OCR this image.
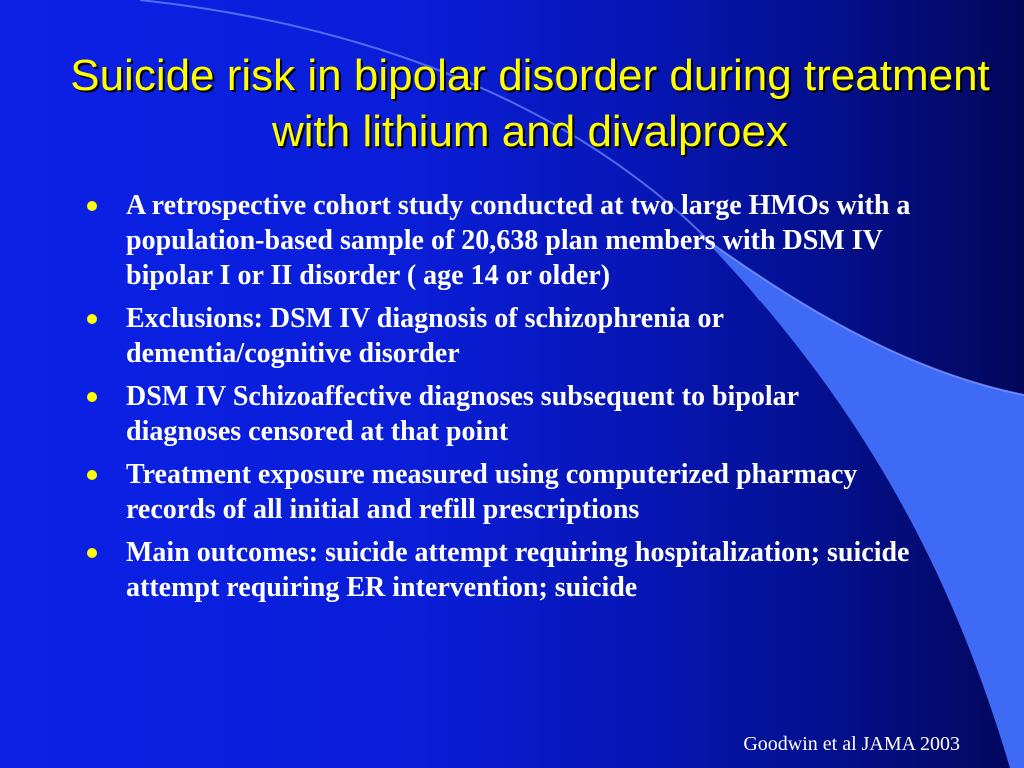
Suicide risk in bipolar disorder during treatment with lithium and divalproex
A retrospective cohort study conducted at two large HMOs with a population-based sample of 20,638 plan members with DSM IV bipolar I or II disorder ( age 14 or older)
Exclusions: DSM IV diagnosis of schizophrenia or dementia/cognitive disorder
DSM IV Schizoaffective diagnoses subsequent to bipolar diagnoses censored at that point
Treatment exposure measured using computerized pharmacy records of all initial and refill prescriptions
Main outcomes: suicide attempt requiring hospitalization; suicide attempt requiring ER intervention; suicide

Goodwin et al JAMA 2003
